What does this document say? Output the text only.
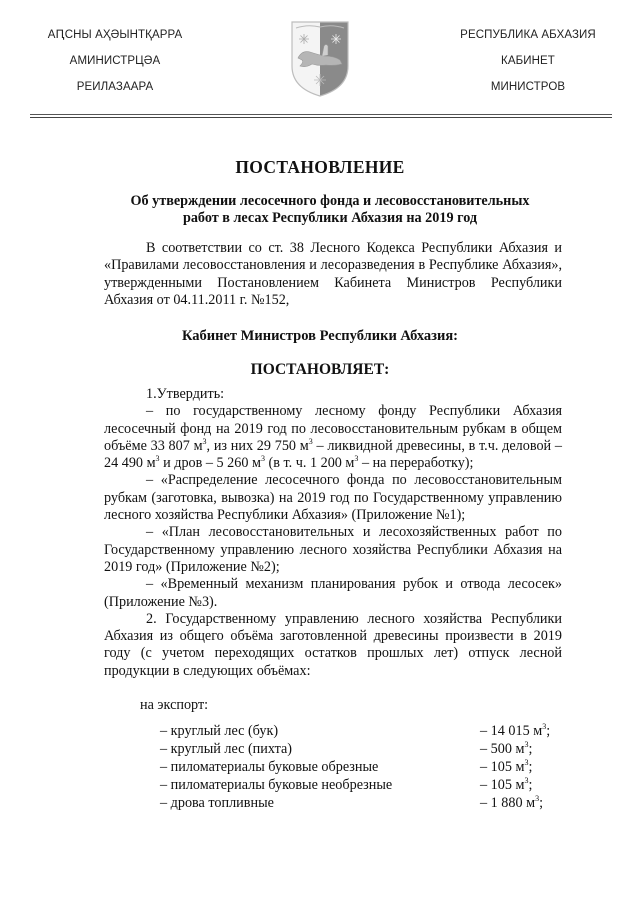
АԤСНЫ АҲӘЫНТҚАРРА
АМИНИСТРЦӘА
РЕИЛАЗААРА
РЕСПУБЛИКА АБХАЗИЯ
КАБИНЕТ
МИНИСТРОВ
ПОСТАНОВЛЕНИЕ
Об утверждении лесосечного фонда и лесовосстановительных
работ в лесах Республики Абхазия на 2019 год

В соответствии со ст. 38 Лесного Кодекса Республики Абхазия и «Правилами лесовосстановления и лесоразведения в Республике Абхазия», утвержденными Постановлением Кабинета Министров Республики Абхазия от 04.11.2011 г. №152,

Кабинет Министров Республики Абхазия:
ПОСТАНОВЛЯЕТ:

1.Утвердить:

– по государственному лесному фонду Республики Абхазия лесосечный фонд на 2019 год по лесовосстановительным рубкам в общем объёме 33 807 $м^3$, из них 29 750 $м^3$ – ликвидной древесины, в т.ч. деловой – 24 490 $м^3$ и дров – 5 260 $м^3$ (в т. ч. 1 200 $м^3$ – на переработку);

– «Распределение лесосечного фонда по лесовосстановительным рубкам (заготовка, вывозка) на 2019 год по Государственному управлению лесного хозяйства Республики Абхазия» (Приложение №1);

– «План лесовосстановительных и лесохозяйственных работ по Государственному управлению лесного хозяйства Республики Абхазия на 2019 год» (Приложение №2);

– «Временный механизм планирования рубок и отвода лесосек» (Приложение №3).

2. Государственному управлению лесного хозяйства Республики Абхазия из общего объёма заготовленной древесины произвести в 2019 году (с учетом переходящих остатков прошлых лет) отпуск лесной продукции в следующих объёмах:

на экспорт:
– круглый лес (бук)	– 14 015 $м^3$;
– круглый лес (пихта)	– 500 $м^3$;
– пиломатериалы буковые обрезные	– 105 $м^3$;
– пиломатериалы буковые необрезные	– 105 $м^3$;
– дрова топливные	– 1 880 $м^3$;
